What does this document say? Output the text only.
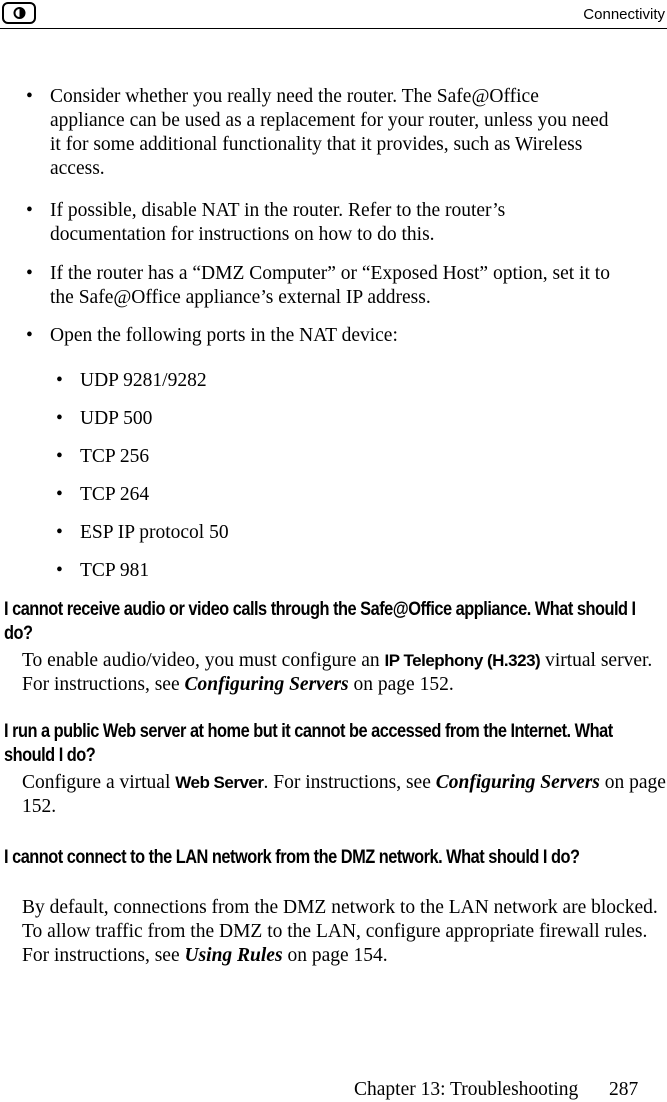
Connectivity

• Consider whether you really need the router. The Safe@Office appliance can be used as a replacement for your router, unless you need it for some additional functionality that it provides, such as Wireless access.

• If possible, disable NAT in the router. Refer to the router’s documentation for instructions on how to do this.

• If the router has a “DMZ Computer” or “Exposed Host” option, set it to the Safe@Office appliance’s external IP address.

• Open the following ports in the NAT device:

• UDP 9281/9282

• UDP 500

• TCP 256

• TCP 264

• ESP IP protocol 50

• TCP 981

I cannot receive audio or video calls through the Safe@Office appliance. What should I do?

To enable audio/video, you must configure an IP Telephony (H.323) virtual server. For instructions, see Configuring Servers on page 152.

I run a public Web server at home but it cannot be accessed from the Internet. What should I do?

Configure a virtual Web Server. For instructions, see Configuring Servers on page 152.

I cannot connect to the LAN network from the DMZ network. What should I do?

By default, connections from the DMZ network to the LAN network are blocked. To allow traffic from the DMZ to the LAN, configure appropriate firewall rules. For instructions, see Using Rules on page 154.

Chapter 13: Troubleshooting 287
